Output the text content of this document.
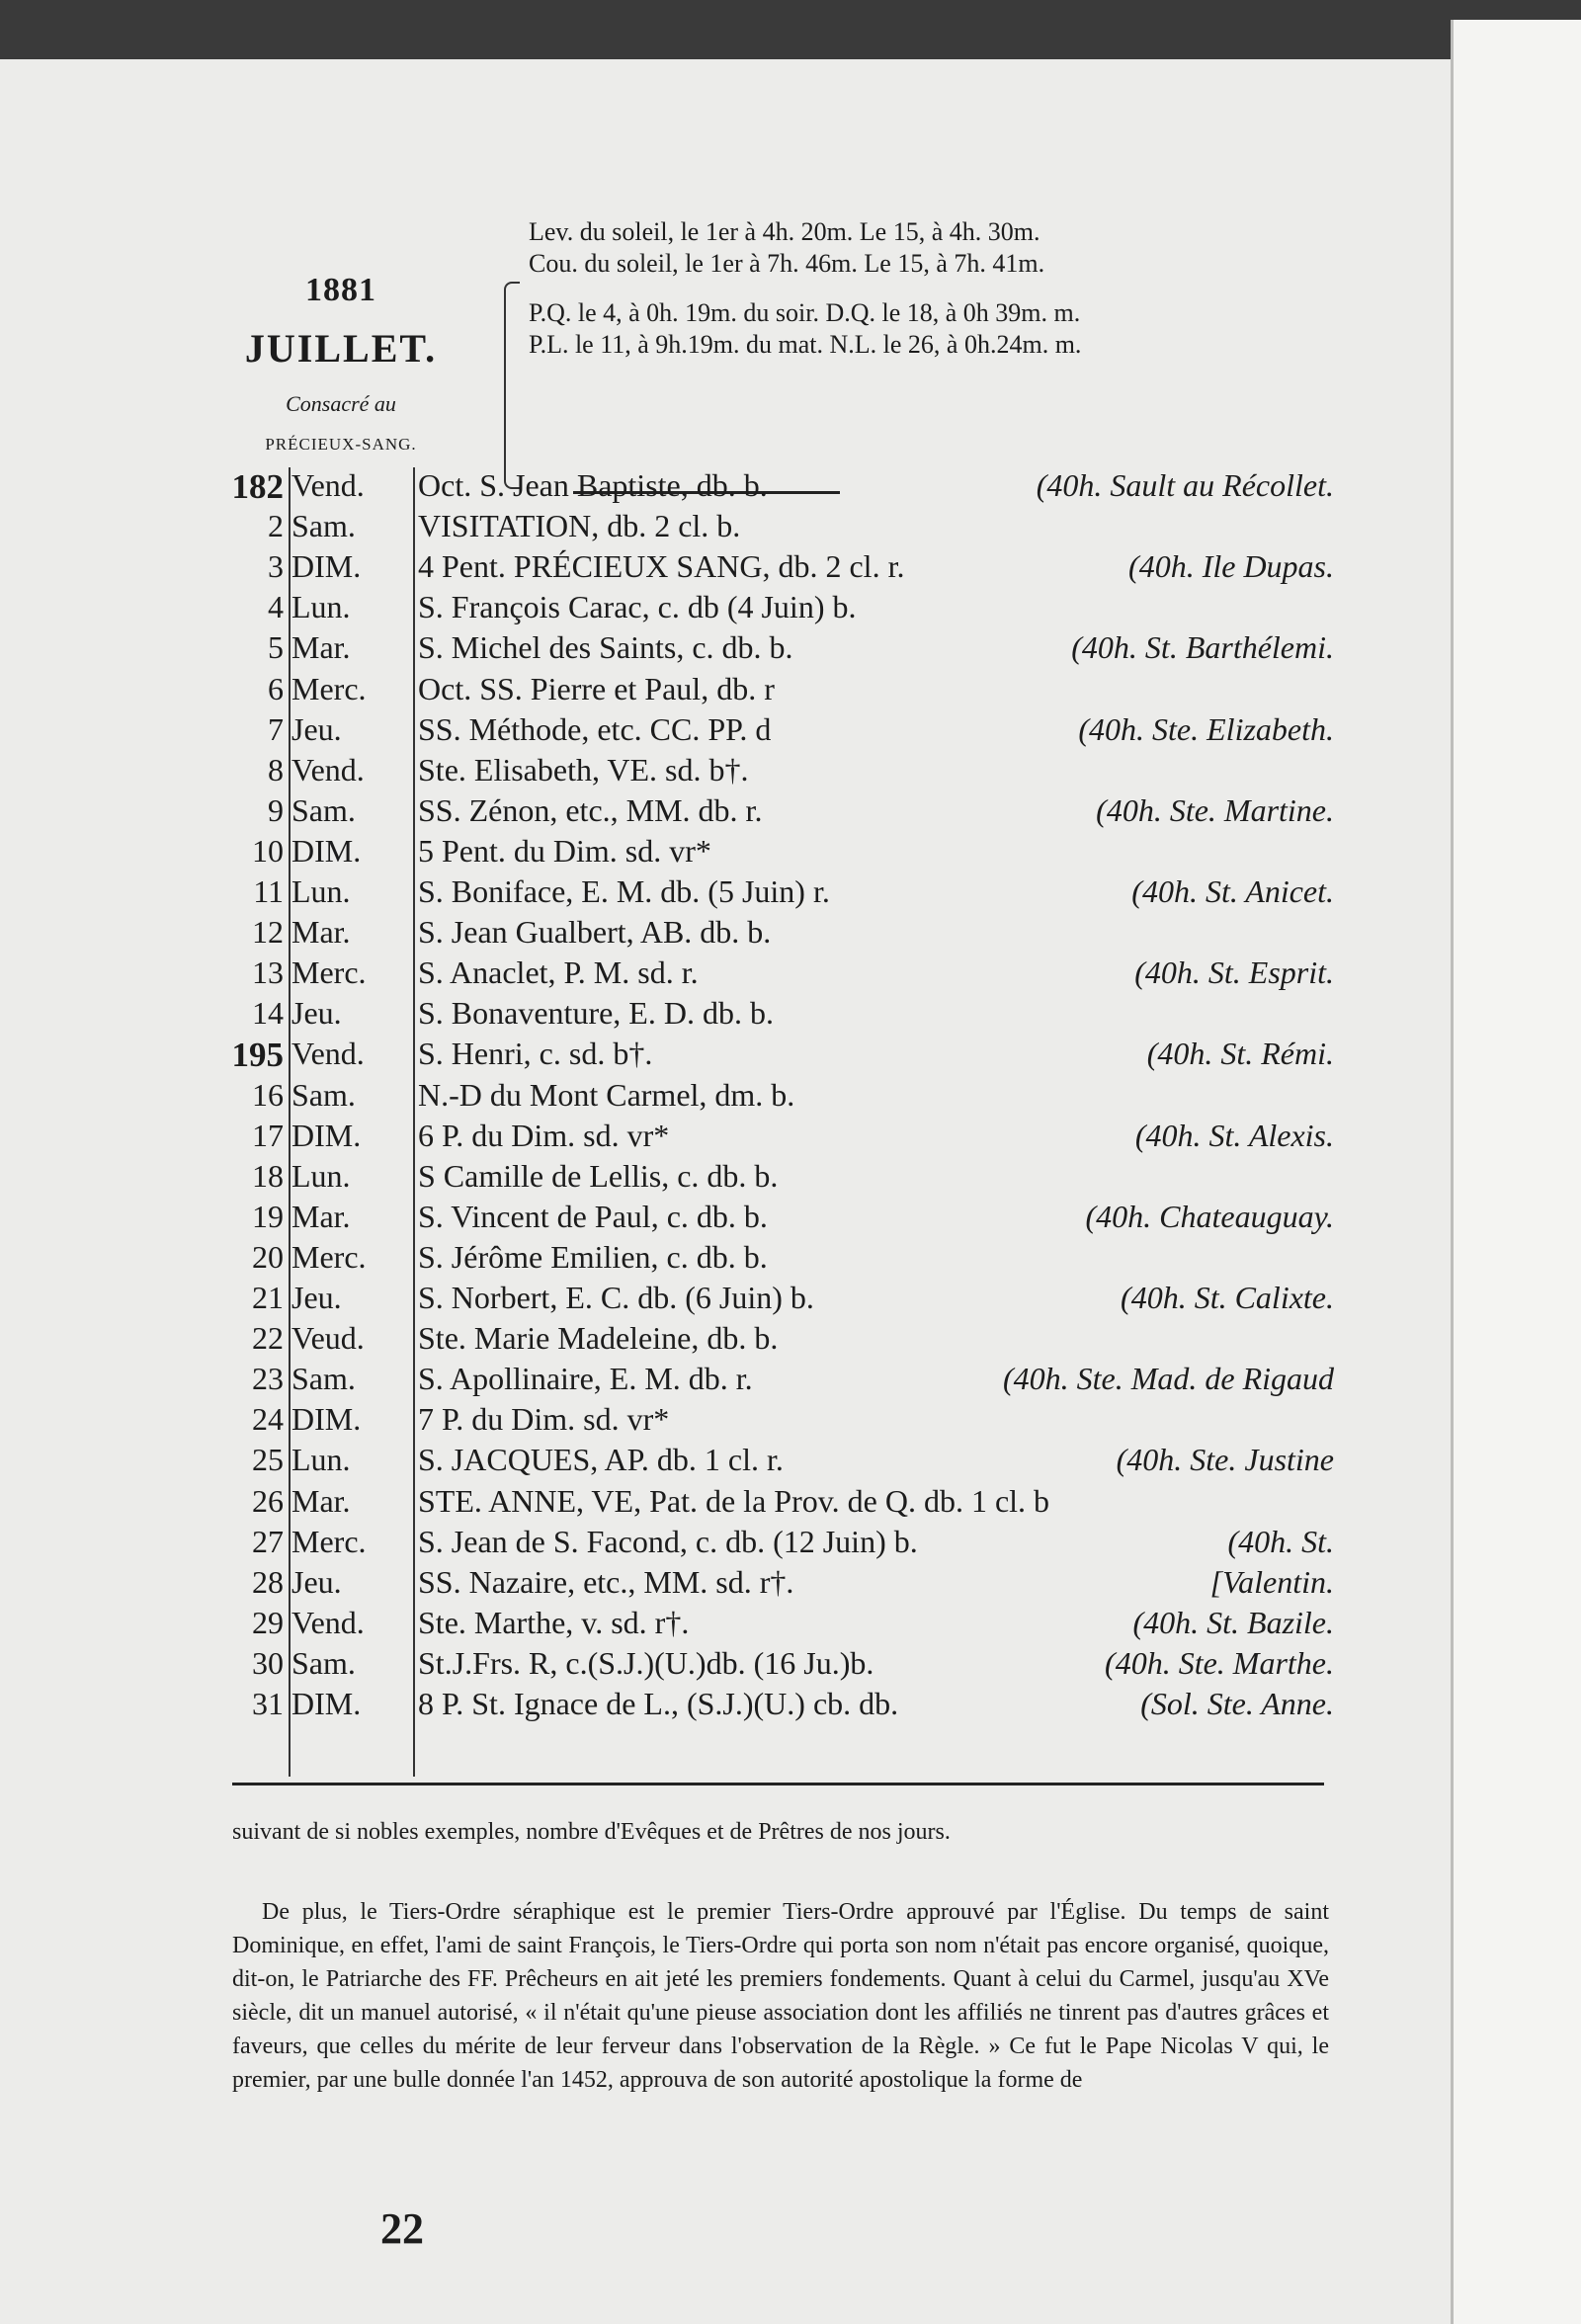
1881
JUILLET.
Consacré au
PRÉCIEUX-SANG.
Lev. du soleil, le 1er à 4h. 20m. Le 15, à 4h. 30m.
Cou. du soleil, le 1er à 7h. 46m. Le 15, à 7h. 41m.
P.Q. le 4, à 0h. 19m. du soir. D.Q. le 18, à 0h 39m. m.
P.L. le 11, à 9h.19m. du mat. N.L. le 26, à 0h.24m. m.
182 Vend. Oct. S. Jean Baptiste, db. b.	(40h. Sault au Récollet.
2 Sam. VISITATION, db. 2 cl. b.
3 DIM. 4 Pent. PRÉCIEUX SANG, db. 2 cl. r.	(40h. Ile Dupas.
4 Lun. S. François Carac, c. db (4 Juin) b.
5 Mar. S. Michel des Saints, c. db. b.	(40h. St. Barthélemi.
6 Merc. Oct. SS. Pierre et Paul, db. r
7 Jeu. SS. Méthode, etc. CC. PP. d	(40h. Ste. Elizabeth.
8 Vend. Ste. Elisabeth, VE. sd. b†.
9 Sam. SS. Zénon, etc., MM. db. r.	(40h. Ste. Martine.
10 DIM. 5 Pent. du Dim. sd. vr*
11 Lun. S. Boniface, E. M. db. (5 Juin) r.	(40h. St. Anicet.
12 Mar. S. Jean Gualbert, AB. db. b.
13 Merc. S. Anaclet, P. M. sd. r.	(40h. St. Esprit.
14 Jeu. S. Bonaventure, E. D. db. b.
195 Vend. S. Henri, c. sd. b†.	(40h. St. Rémi.
16 Sam. N.-D du Mont Carmel, dm. b.
17 DIM. 6 P. du Dim. sd. vr*	(40h. St. Alexis.
18 Lun. S Camille de Lellis, c. db. b.
19 Mar. S. Vincent de Paul, c. db. b.	(40h. Chateauguay.
20 Merc. S. Jérôme Emilien, c. db. b.
21 Jeu. S. Norbert, E. C. db. (6 Juin) b.	(40h. St. Calixte.
22 Veud. Ste. Marie Madeleine, db. b.
23 Sam. S. Apollinaire, E. M. db. r.	(40h. Ste. Mad. de Rigaud
24 DIM. 7 P. du Dim. sd. vr*
25 Lun. S. JACQUES, AP. db. 1 cl. r.	(40h. Ste. Justine
26 Mar. STE. ANNE, VE, Pat. de la Prov. de Q. db. 1 cl. b
27 Merc. S. Jean de S. Facond, c. db. (12 Juin) b.	(40h. St.
28 Jeu. SS. Nazaire, etc., MM. sd. r†.	[Valentin.
29 Vend. Ste. Marthe, v. sd. r†.	(40h. St. Bazile.
30 Sam. St.J.Frs. R, c.(S.J.)(U.)db. (16 Ju.)b.	(40h. Ste. Marthe.
31 DIM. 8 P. St. Ignace de L., (S.J.)(U.) cb. db.	(Sol. Ste. Anne.

suivant de si nobles exemples, nombre d'Evêques et de Prêtres de nos jours.

De plus, le Tiers-Ordre séraphique est le premier Tiers-Ordre approuvé par l'Église. Du temps de saint Dominique, en effet, l'ami de saint François, le Tiers-Ordre qui porta son nom n'était pas encore organisé, quoique, dit-on, le Patriarche des FF. Prêcheurs en ait jeté les premiers fondements. Quant à celui du Carmel, jusqu'au XVe siècle, dit un manuel autorisé, « il n'était qu'une pieuse association dont les affiliés ne tinrent pas d'autres grâces et faveurs, que celles du mérite de leur ferveur dans l'observation de la Règle. » Ce fut le Pape Nicolas V qui, le premier, par une bulle donnée l'an 1452, approuva de son autorité apostolique la forme de

22
